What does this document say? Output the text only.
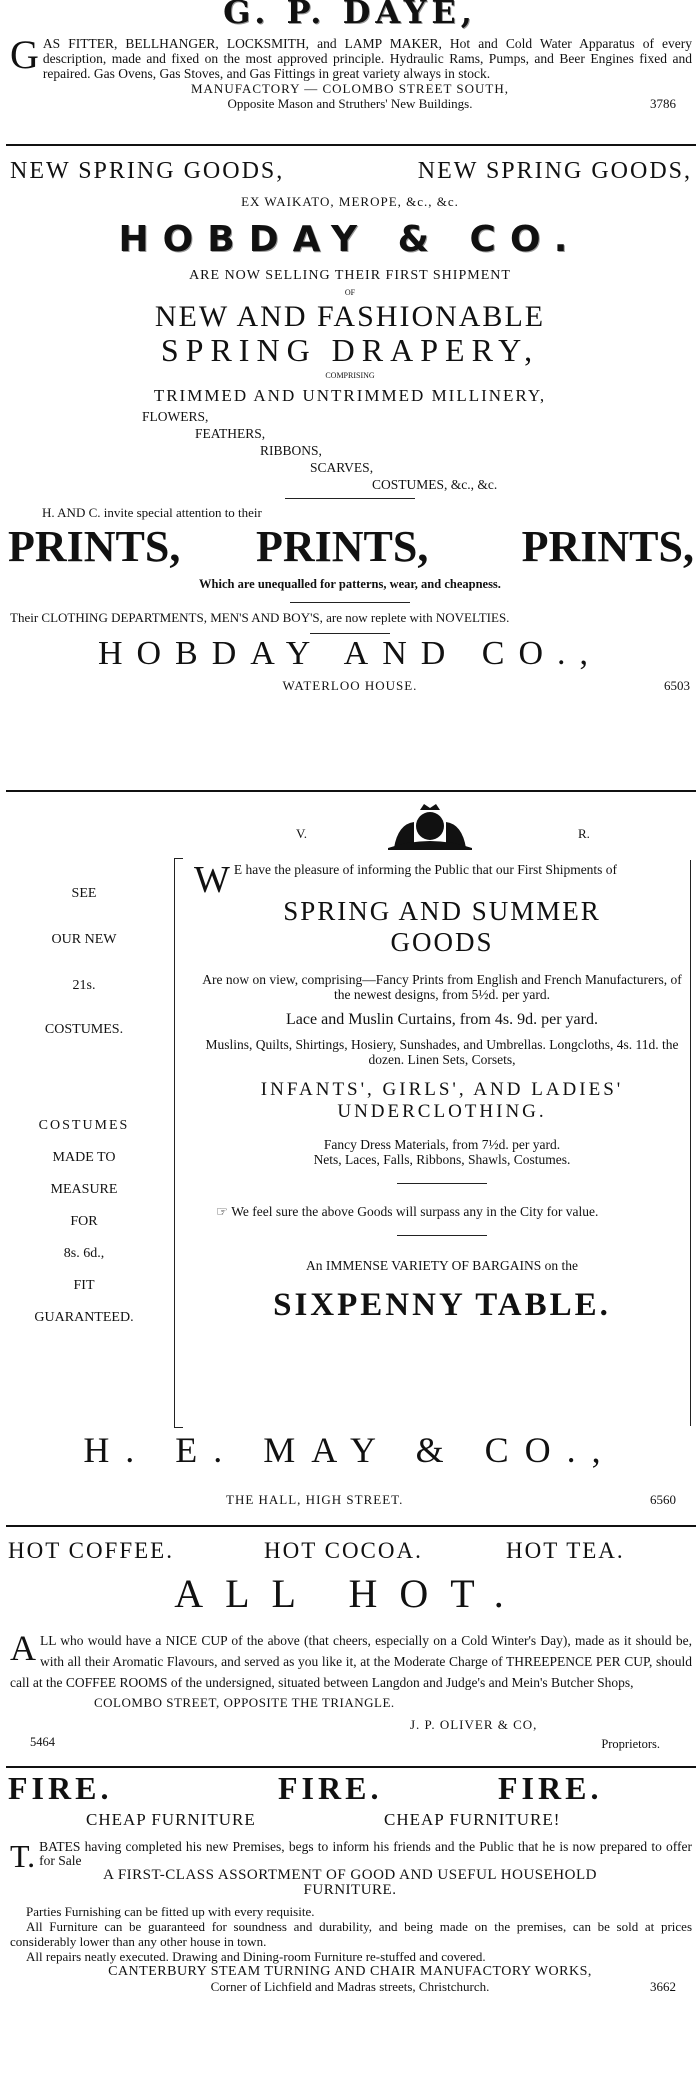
G. P. DAYE,
G AS FITTER, BELLHANGER, LOCKSMITH, and LAMP MAKER, Hot and Cold Water Apparatus of every description, made and fixed on the most approved principle. Hydraulic Rams, Pumps, and Beer Engines fixed and repaired. Gas Ovens, Gas Stoves, and Gas Fittings in great variety always in stock.
MANUFACTORY — COLOMBO STREET SOUTH,
Opposite Mason and Struthers' New Buildings.	3786
NEW SPRING GOODS,	NEW SPRING GOODS,
EX WAIKATO, MEROPE, &c., &c.
HOBDAY & CO.
ARE NOW SELLING THEIR FIRST SHIPMENT
OF
NEW AND FASHIONABLE
SPRING DRAPERY,
COMPRISING
TRIMMED AND UNTRIMMED MILLINERY,
FLOWERS,
FEATHERS,
RIBBONS,
SCARVES,
COSTUMES, &c., &c.
H. AND C. invite special attention to their
PRINTS, PRINTS, PRINTS,
Which are unequalled for patterns, wear, and cheapness.
Their CLOTHING DEPARTMENTS, MEN'S AND BOY'S, are now replete with NOVELTIES.
HOBDAY AND CO.,
WATERLOO HOUSE.	6503
V.	R.
SEE
OUR NEW
21s.
COSTUMES.
COSTUMES
MADE TO
MEASURE
FOR
8s. 6d.,
FIT
GUARANTEED.
W E have the pleasure of informing the Public that our First Shipments of
SPRING AND SUMMER GOODS
Are now on view, comprising—Fancy Prints from English and French Manufacturers, of the newest designs, from 5½d. per yard.
Lace and Muslin Curtains, from 4s. 9d. per yard.
Muslins, Quilts, Shirtings, Hosiery, Sunshades, and Umbrellas. Longcloths, 4s. 11d. the dozen. Linen Sets, Corsets,
INFANTS', GIRLS', AND LADIES' UNDERCLOTHING.
Fancy Dress Materials, from 7½d. per yard.
Nets, Laces, Falls, Ribbons, Shawls, Costumes.
☞ We feel sure the above Goods will surpass any in the City for value.
An IMMENSE VARIETY OF BARGAINS on the
SIXPENNY TABLE.
H. E. MAY & CO.,
THE HALL, HIGH STREET.	6560
HOT COFFEE.	HOT COCOA.	HOT TEA.
ALL HOT.
A LL who would have a NICE CUP of the above (that cheers, especially on a Cold Winter's Day), made as it should be, with all their Aromatic Flavours, and served as you like it, at the Moderate Charge of THREEPENCE PER CUP, should call at the COFFEE ROOMS of the undersigned, situated between Langdon and Judge's and Mein's Butcher Shops,
COLOMBO STREET, OPPOSITE THE TRIANGLE.
J. P. OLIVER & CO,
5464	Proprietors.
FIRE.	FIRE.	FIRE.
CHEAP FURNITURE	CHEAP FURNITURE!
T. BATES having completed his new Premises, begs to inform his friends and the Public that he is now prepared to offer for Sale
A FIRST-CLASS ASSORTMENT OF GOOD AND USEFUL HOUSEHOLD FURNITURE.
Parties Furnishing can be fitted up with every requisite.
All Furniture can be guaranteed for soundness and durability, and being made on the premises, can be sold at prices considerably lower than any other house in town.
All repairs neatly executed. Drawing and Dining-room Furniture re-stuffed and covered.
CANTERBURY STEAM TURNING AND CHAIR MANUFACTORY WORKS,
Corner of Lichfield and Madras streets, Christchurch.	3662
